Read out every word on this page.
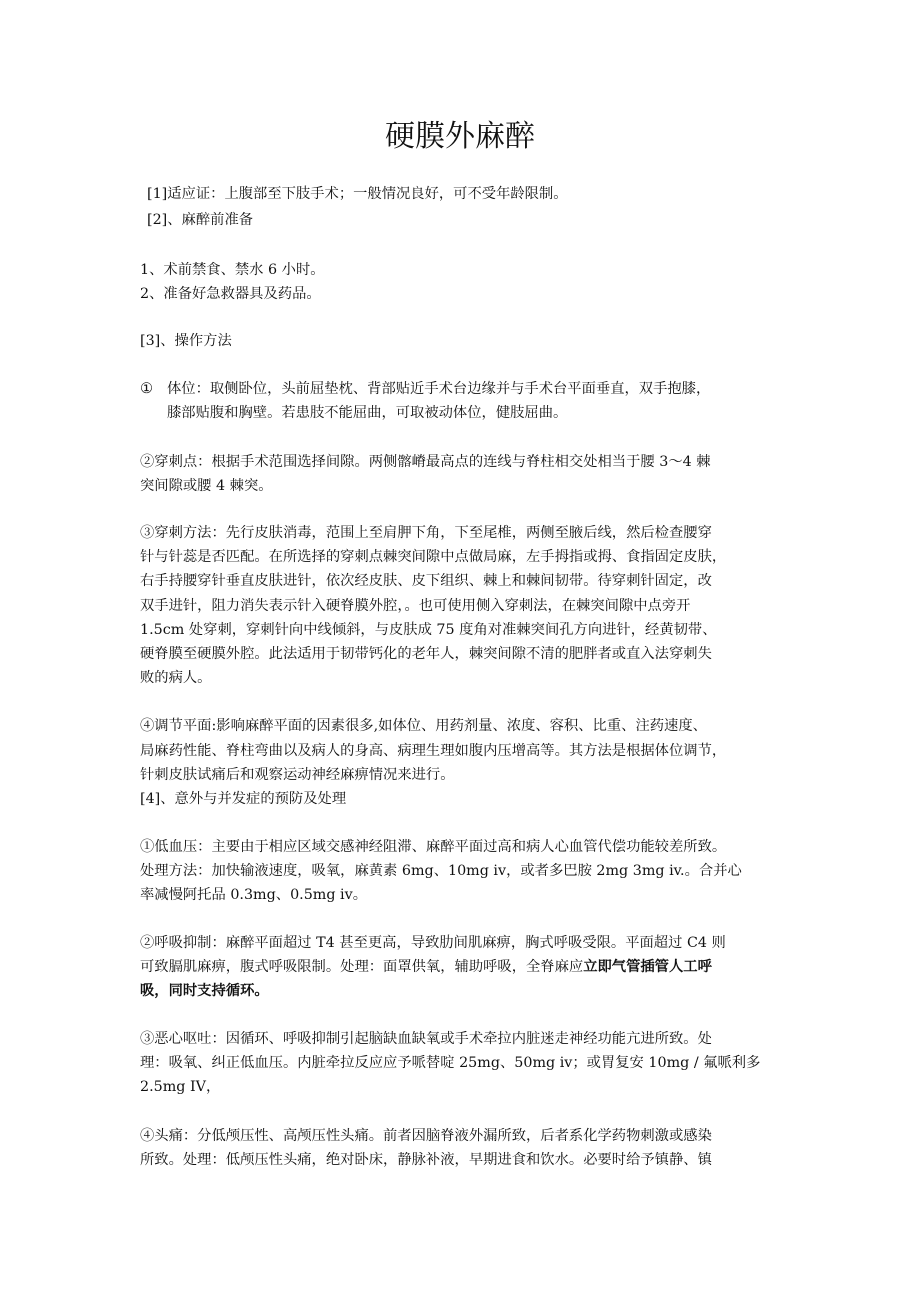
硬膜外麻醉

[1]适应证：上腹部至下肢手术；一般情况良好，可不受年龄限制。

[2]、麻醉前准备

1、术前禁食、禁水 6 小时。

2、准备好急救器具及药品。

[3]、操作方法

① 体位：取侧卧位，头前屈垫枕、背部贴近手术台边缘并与手术台平面垂直，双手抱膝，

膝部贴腹和胸壁。若患肢不能屈曲，可取被动体位，健肢屈曲。

②穿刺点：根据手术范围选择间隙。两侧髂嵴最高点的连线与脊柱相交处相当于腰 3～4 棘

突间隙或腰 4 棘突。

③穿刺方法：先行皮肤消毒，范围上至肩胛下角，下至尾椎，两侧至腋后线，然后检查腰穿

针与针蕊是否匹配。在所选择的穿刺点棘突间隙中点做局麻，左手拇指或拇、食指固定皮肤，

右手持腰穿针垂直皮肤进针，依次经皮肤、皮下组织、棘上和棘间韧带。待穿刺针固定，改

双手进针，阻力消失表示针入硬脊膜外腔，。也可使用侧入穿刺法，在棘突间隙中点旁开

1.5cm 处穿刺，穿刺针向中线倾斜，与皮肤成 75 度角对准棘突间孔方向进针，经黄韧带、

硬脊膜至硬膜外腔。此法适用于韧带钙化的老年人，棘突间隙不清的肥胖者或直入法穿刺失

败的病人。

④调节平面:影响麻醉平面的因素很多,如体位、用药剂量、浓度、容积、比重、注药速度、

局麻药性能、脊柱弯曲以及病人的身高、病理生理如腹内压增高等。其方法是根据体位调节，

针刺皮肤试痛后和观察运动神经麻痹情况来进行。

[4]、意外与并发症的预防及处理

①低血压：主要由于相应区域交感神经阻滞、麻醉平面过高和病人心血管代偿功能较差所致。

处理方法：加快输液速度，吸氧，麻黄素 6mg、10mg iv，或者多巴胺 2mg 3mg iv.。合并心

率减慢阿托品 0.3mg、0.5mg iv。

②呼吸抑制：麻醉平面超过 T4 甚至更高，导致肋间肌麻痹，胸式呼吸受限。平面超过 C4 则

可致膈肌麻痹，腹式呼吸限制。处理：面罩供氧，辅助呼吸，全脊麻应立即气管插管人工呼

吸，同时支持循环。

③恶心呕吐：因循环、呼吸抑制引起脑缺血缺氧或手术牵拉内脏迷走神经功能亢进所致。处

理：吸氧、纠正低血压。内脏牵拉反应应予哌替啶 25mg、50mg iv；或胃复安 10mg / 氟哌利多

2.5mg IV，

④头痛：分低颅压性、高颅压性头痛。前者因脑脊液外漏所致，后者系化学药物刺激或感染

所致。处理：低颅压性头痛，绝对卧床，静脉补液，早期进食和饮水。必要时给予镇静、镇
